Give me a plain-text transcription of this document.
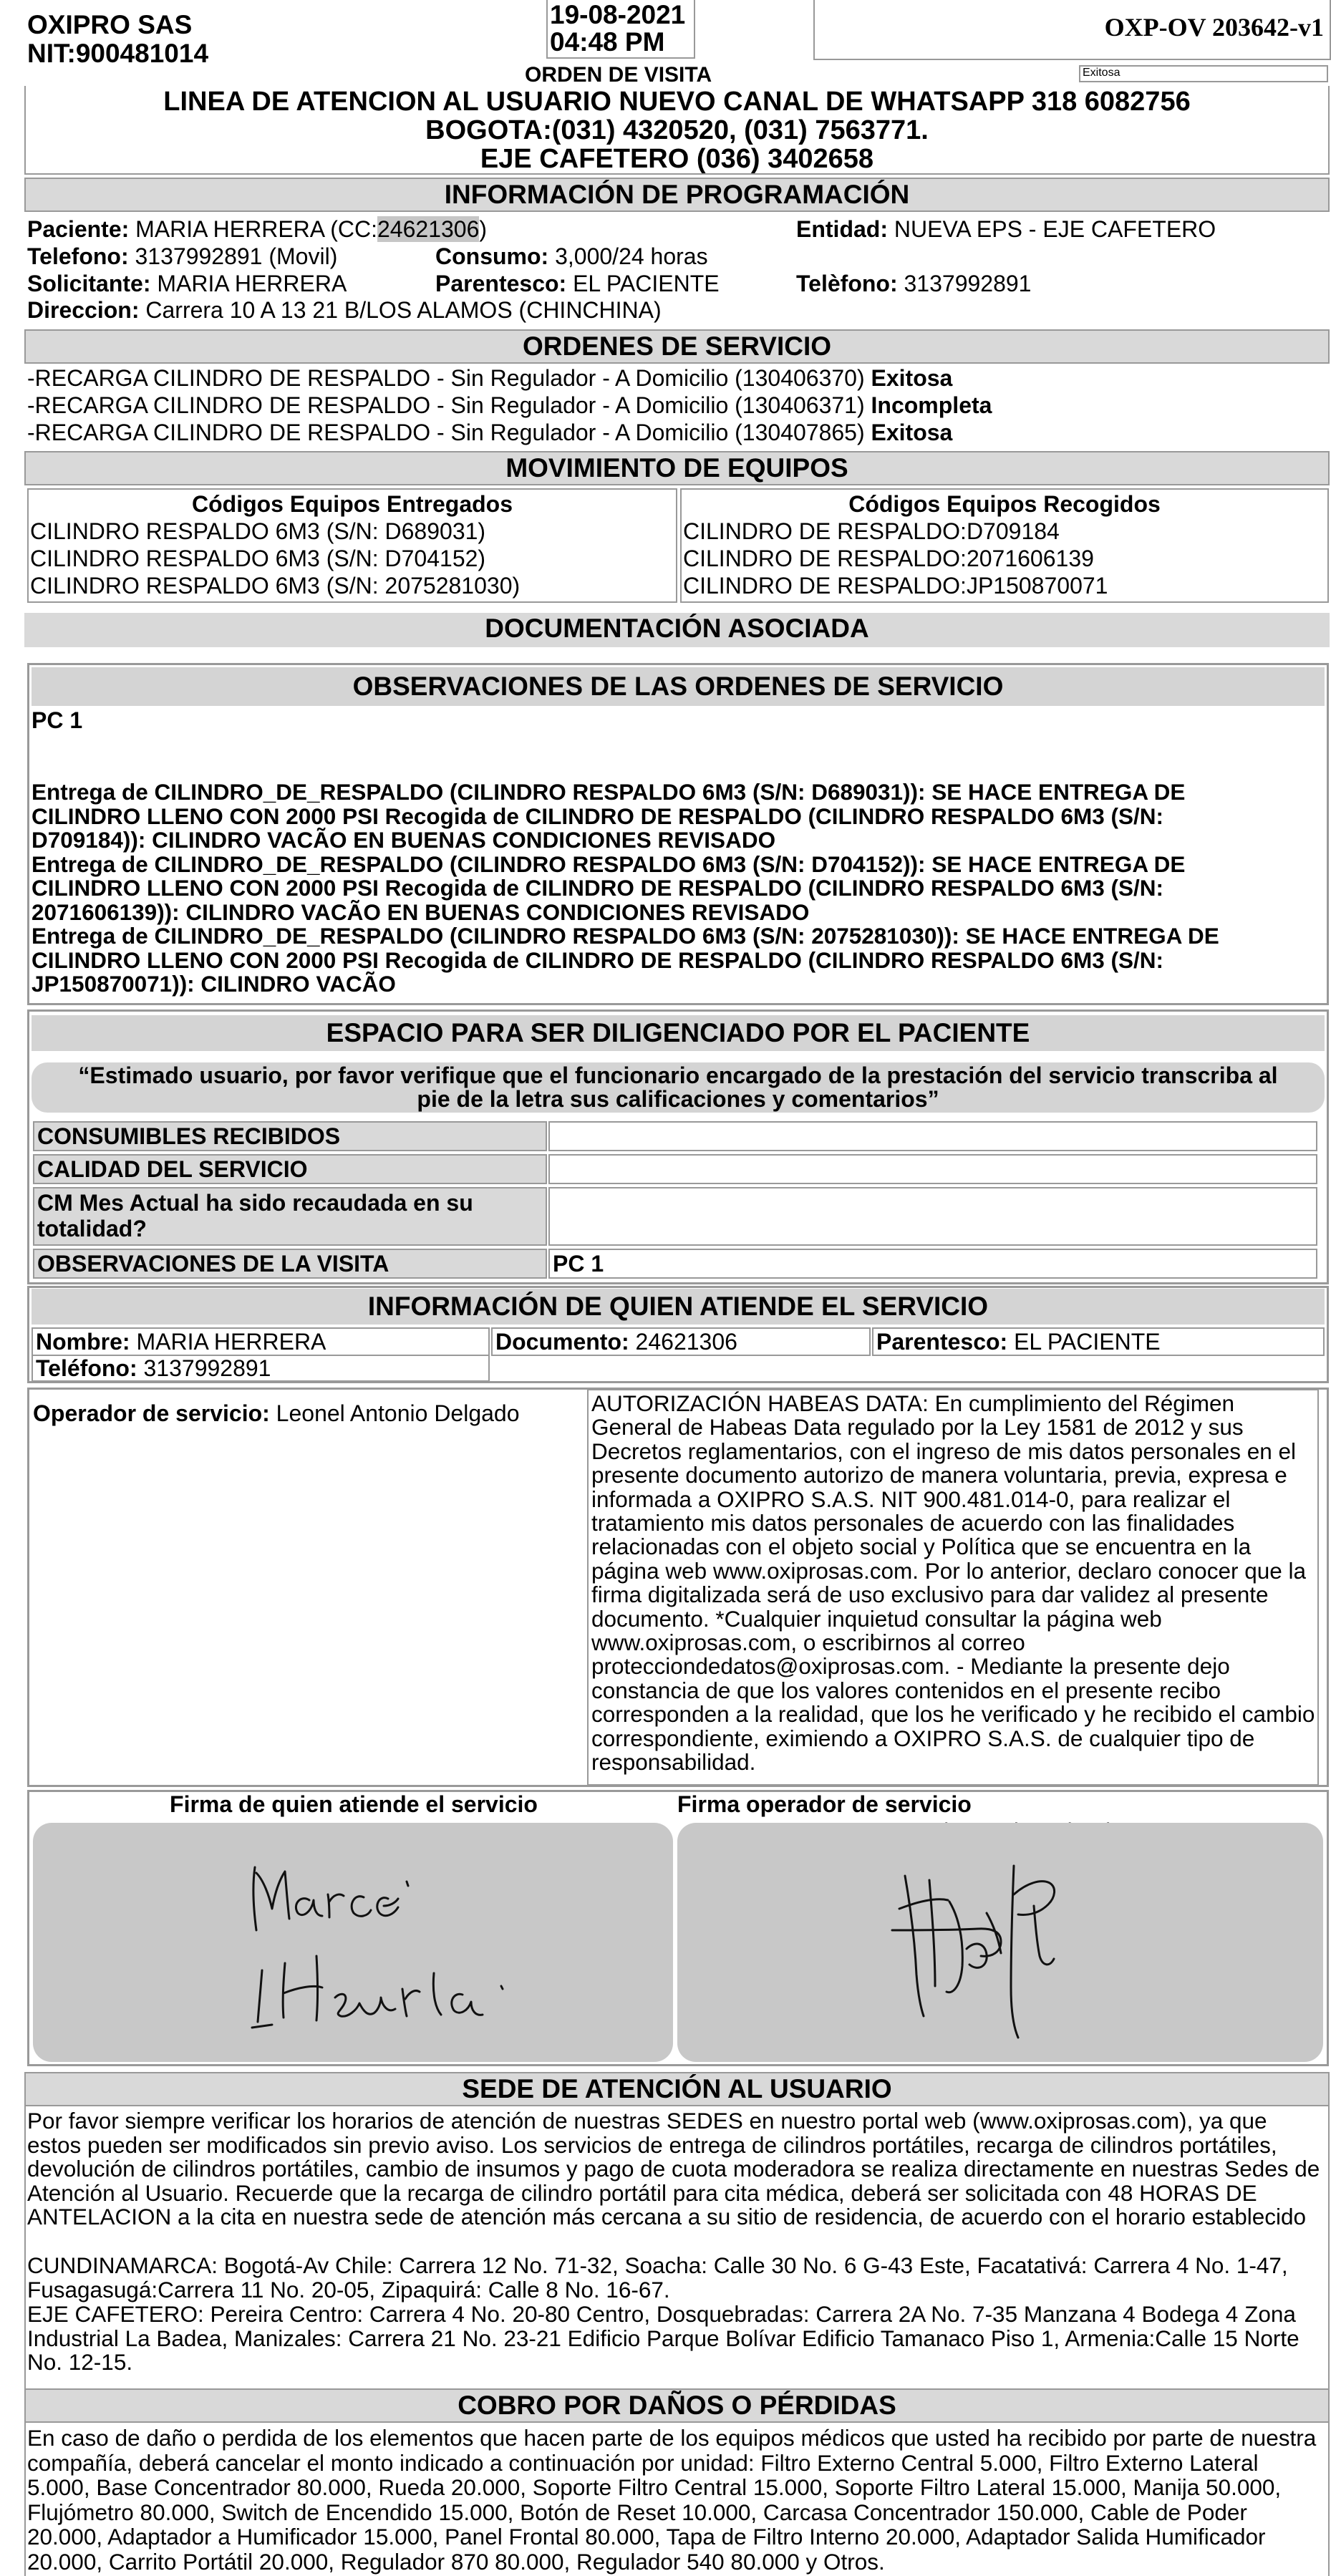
OXIPRO SAS
NIT:900481014
19-08-2021
04:48 PM
ORDEN DE VISITA
OXP-OV 203642-v1
Exitosa
LINEA DE ATENCION AL USUARIO NUEVO CANAL DE WHATSAPP 318 6082756
BOGOTA:(031) 4320520, (031) 7563771.
EJE CAFETERO (036) 3402658
INFORMACIÓN DE PROGRAMACIÓN
Paciente: MARIA HERRERA (CC:24621306)	Entidad: NUEVA EPS - EJE CAFETERO
Telefono: 3137992891 (Movil)	Consumo: 3,000/24 horas
Solicitante: MARIA HERRERA	Parentesco: EL PACIENTE	Telèfono: 3137992891
Direccion: Carrera 10 A 13 21 B/LOS ALAMOS (CHINCHINA)
ORDENES DE SERVICIO
-RECARGA CILINDRO DE RESPALDO - Sin Regulador - A Domicilio (130406370) Exitosa
-RECARGA CILINDRO DE RESPALDO - Sin Regulador - A Domicilio (130406371) Incompleta
-RECARGA CILINDRO DE RESPALDO - Sin Regulador - A Domicilio (130407865) Exitosa
MOVIMIENTO DE EQUIPOS
Códigos Equipos Entregados
CILINDRO RESPALDO 6M3 (S/N: D689031)
CILINDRO RESPALDO 6M3 (S/N: D704152)
CILINDRO RESPALDO 6M3 (S/N: 2075281030)
Códigos Equipos Recogidos
CILINDRO DE RESPALDO:D709184
CILINDRO DE RESPALDO:2071606139
CILINDRO DE RESPALDO:JP150870071
DOCUMENTACIÓN ASOCIADA
OBSERVACIONES DE LAS ORDENES DE SERVICIO
PC 1
Entrega de CILINDRO_DE_RESPALDO (CILINDRO RESPALDO 6M3 (S/N: D689031)): SE HACE ENTREGA DE
CILINDRO LLENO CON 2000 PSI Recogida de CILINDRO DE RESPALDO (CILINDRO RESPALDO 6M3 (S/N:
D709184)): CILINDRO VACÃO EN BUENAS CONDICIONES REVISADO
Entrega de CILINDRO_DE_RESPALDO (CILINDRO RESPALDO 6M3 (S/N: D704152)): SE HACE ENTREGA DE
CILINDRO LLENO CON 2000 PSI Recogida de CILINDRO DE RESPALDO (CILINDRO RESPALDO 6M3 (S/N:
2071606139)): CILINDRO VACÃO EN BUENAS CONDICIONES REVISADO
Entrega de CILINDRO_DE_RESPALDO (CILINDRO RESPALDO 6M3 (S/N: 2075281030)): SE HACE ENTREGA DE
CILINDRO LLENO CON 2000 PSI Recogida de CILINDRO DE RESPALDO (CILINDRO RESPALDO 6M3 (S/N:
JP150870071)): CILINDRO VACÃO
ESPACIO PARA SER DILIGENCIADO POR EL PACIENTE
“Estimado usuario, por favor verifique que el funcionario encargado de la prestación del servicio transcriba al
pie de la letra sus calificaciones y comentarios”
CONSUMIBLES RECIBIDOS
CALIDAD DEL SERVICIO
CM Mes Actual ha sido recaudada en su totalidad?
OBSERVACIONES DE LA VISITA	PC 1
INFORMACIÓN DE QUIEN ATIENDE EL SERVICIO
Nombre: MARIA HERRERA	Documento: 24621306	Parentesco: EL PACIENTE
Teléfono: 3137992891
Operador de servicio: Leonel Antonio Delgado	AUTORIZACIÓN HABEAS DATA: En cumplimiento del Régimen General de Habeas Data regulado por la Ley 1581 de 2012 y sus Decretos reglamentarios, con el ingreso de mis datos personales en el presente documento autorizo de manera voluntaria, previa, expresa e informada a OXIPRO S.A.S. NIT 900.481.014-0, para realizar el tratamiento mis datos personales de acuerdo con las finalidades relacionadas con el objeto social y Política que se encuentra en la página web www.oxiprosas.com. Por lo anterior, declaro conocer que la firma digitalizada será de uso exclusivo para dar validez al presente documento. *Cualquier inquietud consultar la página web www.oxiprosas.com, o escribirnos al correo protecciondedatos@oxiprosas.com. - Mediante la presente dejo constancia de que los valores contenidos en el presente recibo corresponden a la realidad, que los he verificado y he recibido el cambio correspondiente, eximiendo a OXIPRO S.A.S. de cualquier tipo de responsabilidad.
Firma de quien atiende el servicio	Firma operador de servicio
SEDE DE ATENCIÓN AL USUARIO
Por favor siempre verificar los horarios de atención de nuestras SEDES en nuestro portal web (www.oxiprosas.com), ya que estos pueden ser modificados sin previo aviso. Los servicios de entrega de cilindros portátiles, recarga de cilindros portátiles, devolución de cilindros portátiles, cambio de insumos y pago de cuota moderadora se realiza directamente en nuestras Sedes de Atención al Usuario. Recuerde que la recarga de cilindro portátil para cita médica, deberá ser solicitada con 48 HORAS DE ANTELACION a la cita en nuestra sede de atención más cercana a su sitio de residencia, de acuerdo con el horario establecido
CUNDINAMARCA: Bogotá-Av Chile: Carrera 12 No. 71-32, Soacha: Calle 30 No. 6 G-43 Este, Facatativá: Carrera 4 No. 1-47, Fusagasugá:Carrera 11 No. 20-05, Zipaquirá: Calle 8 No. 16-67.
EJE CAFETERO: Pereira Centro: Carrera 4 No. 20-80 Centro, Dosquebradas: Carrera 2A No. 7-35 Manzana 4 Bodega 4 Zona Industrial La Badea, Manizales: Carrera 21 No. 23-21 Edificio Parque Bolívar Edificio Tamanaco Piso 1, Armenia:Calle 15 Norte No. 12-15.
COBRO POR DAÑOS O PÉRDIDAS
En caso de daño o perdida de los elementos que hacen parte de los equipos médicos que usted ha recibido por parte de nuestra compañía, deberá cancelar el monto indicado a continuación por unidad: Filtro Externo Central 5.000, Filtro Externo Lateral 5.000, Base Concentrador 80.000, Rueda 20.000, Soporte Filtro Central 15.000, Soporte Filtro Lateral 15.000, Manija 50.000, Flujómetro 80.000, Switch de Encendido 15.000, Botón de Reset 10.000, Carcasa Concentrador 150.000, Cable de Poder 20.000, Adaptador a Humificador 15.000, Panel Frontal 80.000, Tapa de Filtro Interno 20.000, Adaptador Salida Humificador 20.000, Carrito Portátil 20.000, Regulador 870 80.000, Regulador 540 80.000 y Otros.
